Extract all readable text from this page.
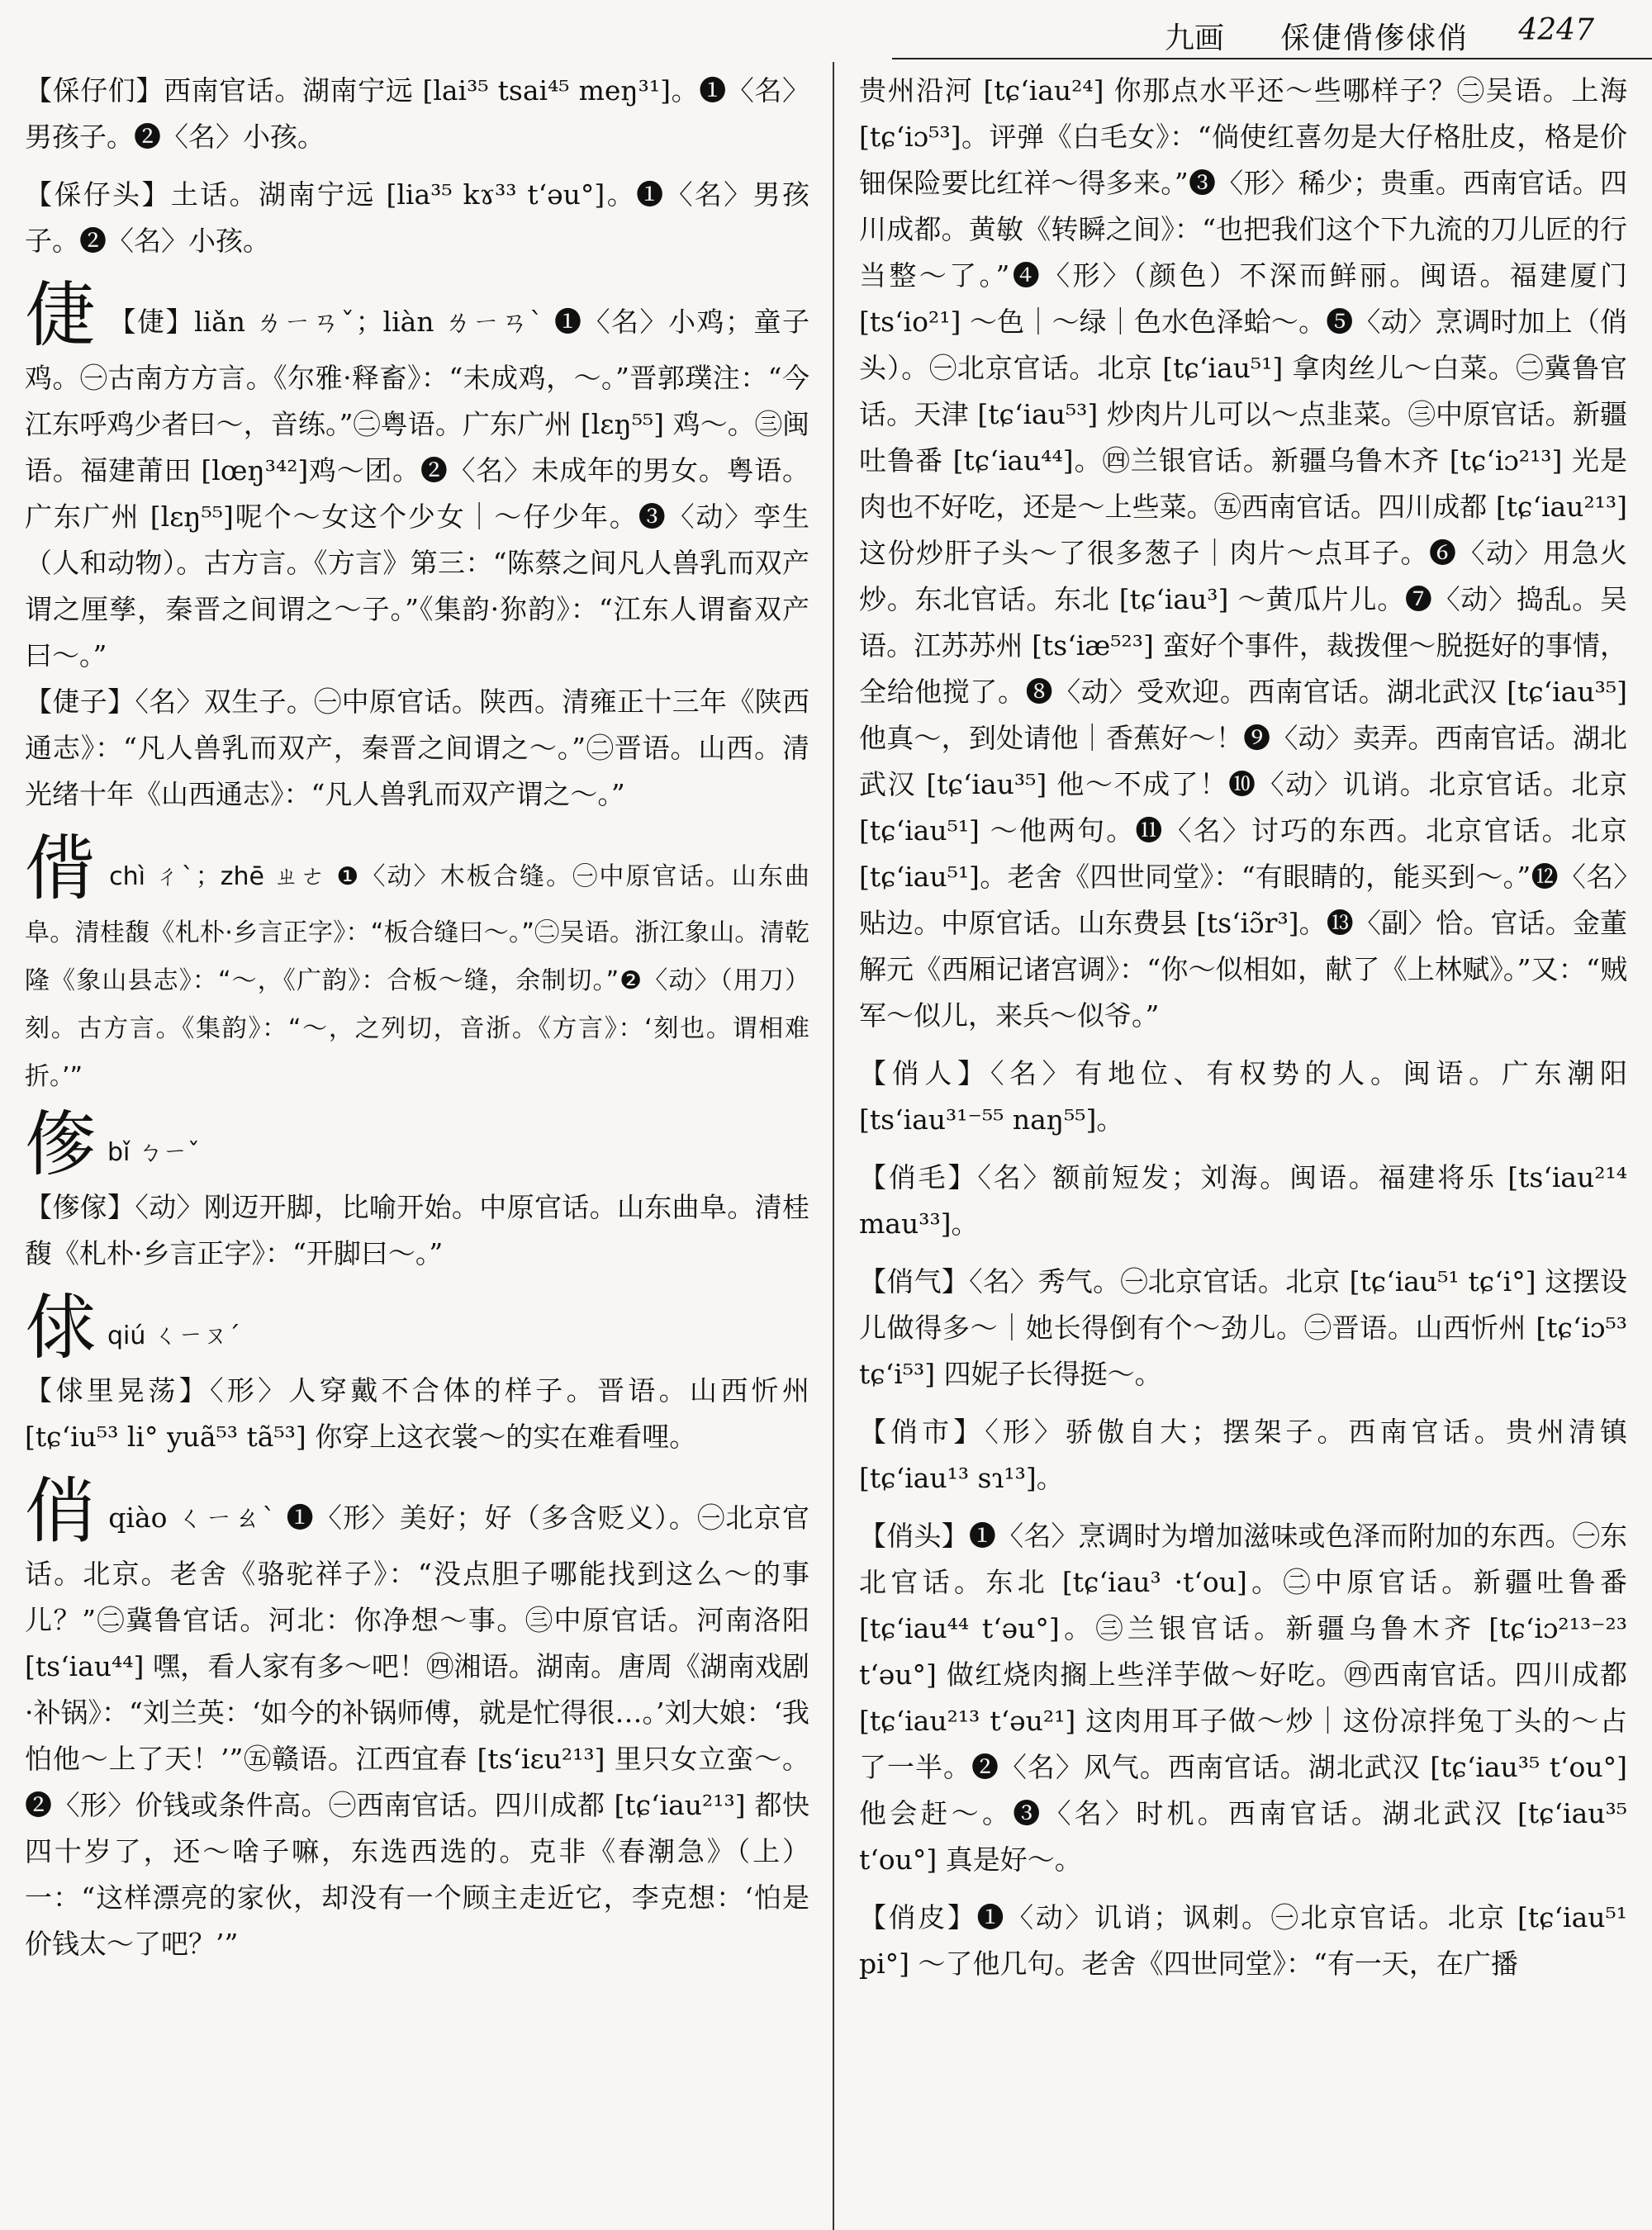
九画 倸倢偝偧俅俏 4247

【倸仔们】西南官话。湖南宁远 [lai³⁵ tsai⁴⁵ meŋ³¹]。❶〈名〉男孩子。❷〈名〉小孩。

【倸仔头】土话。湖南宁远 [lia³⁵ kɤ³³ t‘əu°]。❶〈名〉男孩子。❷〈名〉小孩。

倢 【倢】liǎn ㄌㄧㄢˇ；liàn ㄌㄧㄢˋ ❶〈名〉小鸡；童子鸡。㊀古南方方言。《尔雅·释畜》：“未成鸡，～。”晋郭璞注：“今江东呼鸡少者曰～，音练。”㊁粤语。广东广州 [lɛŋ⁵⁵] 鸡～。㊂闽语。福建莆田 [lœŋ³⁴²]鸡～团。❷〈名〉未成年的男女。粤语。广东广州 [lɛŋ⁵⁵]呢个～女这个少女｜～仔少年。❸〈动〉孪生（人和动物）。古方言。《方言》第三：“陈蔡之间凡人兽乳而双产谓之厘孳，秦晋之间谓之～子。”《集韵·狝韵》：“江东人谓畜双产曰～。”

【倢子】〈名〉双生子。㊀中原官话。陕西。清雍正十三年《陕西通志》：“凡人兽乳而双产，秦晋之间谓之～。”㊁晋语。山西。清光绪十年《山西通志》：“凡人兽乳而双产谓之～。”

偝chì ㄔˋ；zhē ㄓㄜ ❶〈动〉木板合缝。㊀中原官话。山东曲阜。清桂馥《札朴·乡言正字》：“板合缝曰～。”㊁吴语。浙江象山。清乾隆《象山县志》：“～，《广韵》：合板～缝，余制切。”❷〈动〉（用刀）刻。古方言。《集韵》：“～，之列切，音浙。《方言》：‘刻也。谓相难折。’”

偧bǐ ㄅㄧˇ

【偧傢】〈动〉刚迈开脚，比喻开始。中原官话。山东曲阜。清桂馥《札朴·乡言正字》：“开脚曰～。”

俅qiú ㄑㄧㄡˊ

【俅里晃荡】〈形〉人穿戴不合体的样子。晋语。山西忻州 [tɕ‘iu⁵³ li° yuã⁵³ tã⁵³] 你穿上这衣裳～的实在难看哩。

俏qiào ㄑㄧㄠˋ ❶〈形〉美好；好（多含贬义）。㊀北京官话。北京。老舍《骆驼祥子》：“没点胆子哪能找到这么～的事儿？”㊁冀鲁官话。河北：你净想～事。㊂中原官话。河南洛阳 [ts‘iau⁴⁴] 嘿，看人家有多～吧！㊃湘语。湖南。唐周《湖南戏剧·补锅》：“刘兰英：‘如今的补锅师傅，就是忙得很…。’刘大娘：‘我怕他～上了天！’”㊄赣语。江西宜春 [ts‘iɛu²¹³] 里只女立蛮～。❷〈形〉价钱或条件高。㊀西南官话。四川成都 [tɕ‘iau²¹³] 都快四十岁了，还～啥子嘛，东选西选的。克非《春潮急》（上）一：“这样漂亮的家伙，却没有一个顾主走近它，李克想：‘怕是价钱太～了吧？’”

贵州沿河 [tɕ‘iau²⁴] 你那点水平还～些哪样子？㊁吴语。上海 [tɕ‘iɔ⁵³]。评弹《白毛女》：“倘使红喜勿是大仔格肚皮，格是价钿保险要比红祥～得多来。”❸〈形〉稀少；贵重。西南官话。四川成都。黄敏《转瞬之间》：“也把我们这个下九流的刀儿匠的行当整～了。”❹〈形〉（颜色）不深而鲜丽。闽语。福建厦门 [ts‘io²¹] ～色｜～绿｜色水色泽蛤～。❺〈动〉烹调时加上（俏头）。㊀北京官话。北京 [tɕ‘iau⁵¹] 拿肉丝儿～白菜。㊁冀鲁官话。天津 [tɕ‘iau⁵³] 炒肉片儿可以～点韭菜。㊂中原官话。新疆吐鲁番 [tɕ‘iau⁴⁴]。㊃兰银官话。新疆乌鲁木齐 [tɕ‘iɔ²¹³] 光是肉也不好吃，还是～上些菜。㊄西南官话。四川成都 [tɕ‘iau²¹³] 这份炒肝子头～了很多葱子｜肉片～点耳子。❻〈动〉用急火炒。东北官话。东北 [tɕ‘iau³] ～黄瓜片儿。❼〈动〉捣乱。吴语。江苏苏州 [ts‘iæ⁵²³] 蛮好个事件，裁拨俚～脱挺好的事情，全给他搅了。❽〈动〉受欢迎。西南官话。湖北武汉 [tɕ‘iau³⁵] 他真～，到处请他｜香蕉好～！❾〈动〉卖弄。西南官话。湖北武汉 [tɕ‘iau³⁵] 他～不成了！❿〈动〉讥诮。北京官话。北京 [tɕ‘iau⁵¹] ～他两句。⓫〈名〉讨巧的东西。北京官话。北京 [tɕ‘iau⁵¹]。老舍《四世同堂》：“有眼睛的，能买到～。”⓬〈名〉贴边。中原官话。山东费县 [ts‘iɔ̃r³]。⓭〈副〉恰。官话。金董解元《西厢记诸宫调》：“你～似相如，献了《上林赋》。”又：“贼军～似儿，来兵～似爷。”

【俏人】〈名〉有地位、有权势的人。闽语。广东潮阳 [ts‘iau³¹⁻⁵⁵ naŋ⁵⁵]。

【俏毛】〈名〉额前短发；刘海。闽语。福建将乐 [ts‘iau²¹⁴ mau³³]。

【俏气】〈名〉秀气。㊀北京官话。北京 [tɕ‘iau⁵¹ tɕ‘i°] 这摆设儿做得多～｜她长得倒有个～劲儿。㊁晋语。山西忻州 [tɕ‘iɔ⁵³ tɕ‘i⁵³] 四妮子长得挺～。

【俏市】〈形〉骄傲自大；摆架子。西南官话。贵州清镇 [tɕ‘iau¹³ sɿ¹³]。

【俏头】❶〈名〉烹调时为增加滋味或色泽而附加的东西。㊀东北官话。东北 [tɕ‘iau³ ·t‘ou]。㊁中原官话。新疆吐鲁番 [tɕ‘iau⁴⁴ t‘əu°]。㊂兰银官话。新疆乌鲁木齐 [tɕ‘iɔ²¹³⁻²³ t‘əu°] 做红烧肉搁上些洋芋做～好吃。㊃西南官话。四川成都 [tɕ‘iau²¹³ t‘əu²¹] 这肉用耳子做～炒｜这份凉拌兔丁头的～占了一半。❷〈名〉风气。西南官话。湖北武汉 [tɕ‘iau³⁵ t‘ou°] 他会赶～。❸〈名〉时机。西南官话。湖北武汉 [tɕ‘iau³⁵ t‘ou°] 真是好～。

【俏皮】❶〈动〉讥诮；讽刺。㊀北京官话。北京 [tɕ‘iau⁵¹ pi°] ～了他几句。老舍《四世同堂》：“有一天，在广播
